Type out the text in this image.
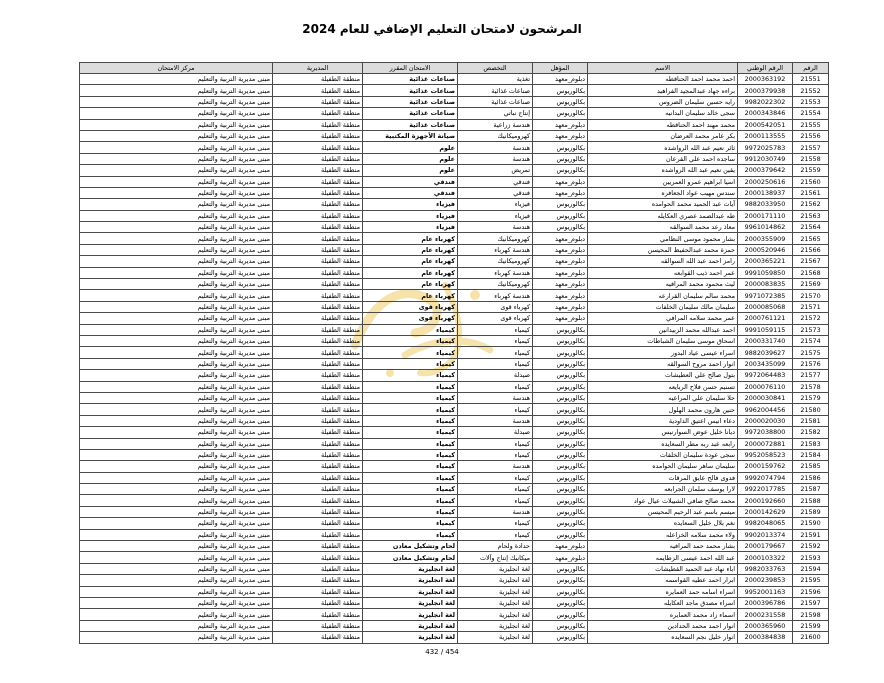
المرشحون لامتحان التعليم الإضافي للعام 2024
الرقم	الرقم الوطني	الاسم	المؤهل	التخصص	الامتحان المقرر	المديرية	مركز الامتحان
21551	2000363192	احمد محمد احمد الحناقطه	دبلوم_معهد	تغذية	صناعات غذائية	منطقة الطفيلة	مبنى مديرية التربية والتعليم
21552	2000379938	براءه جهاد عبدالمجيد الفراهيد	بكالوريوس	صناعات غذائية	صناعات غذائية	منطقة الطفيلة	مبنى مديرية التربية والتعليم
21553	9982022302	رايه حسين سليمان الضروس	بكالوريوس	صناعات غذائية	صناعات غذائية	منطقة الطفيلة	مبنى مديرية التربية والتعليم
21554	2000343846	سجى خالد سليمان البدانيه	بكالوريوس	إنتاج نباتي	صناعات غذائية	منطقة الطفيلة	مبنى مديرية التربية والتعليم
21555	2000542051	محمد مهند احمد الحناقطه	دبلوم_معهد	هندسة زراعية	صناعات غذائية	منطقة الطفيلة	مبنى مديرية التربية والتعليم
21556	2000113555	بكر عامر محمد العرضان	دبلوم_معهد	كهروميكانيك	صيانة الأجهزة المكتبية	منطقة الطفيلة	مبنى مديرية التربية والتعليم
21557	9972025783	ثائر نعيم عبد الله الرواشده	بكالوريوس	هندسة	علوم	منطقة الطفيلة	مبنى مديرية التربية والتعليم
21558	9912030749	ساجده احمد علي القرعان	بكالوريوس	هندسة	علوم	منطقة الطفيلة	مبنى مديرية التربية والتعليم
21559	2000379642	يقين نعيم عبد الله الرواشده	بكالوريوس	تمريض	علوم	منطقة الطفيلة	مبنى مديرية التربية والتعليم
21560	2000250616	اسيا ابراهيم عمرو العمريين	دبلوم_معهد	فندقي	فندقي	منطقة الطفيلة	مبنى مديرية التربية والتعليم
21561	2000138937	سندس مهيب عواد الجعافره	دبلوم_معهد	فندقي	فندقي	منطقة الطفيلة	مبنى مديرية التربية والتعليم
21562	9882033950	آيات عبد الحميد محمد الحوامده	بكالوريوس	فيزياء	فيزياء	منطقة الطفيلة	مبنى مديرية التربية والتعليم
21563	2000171110	طه عبدالصمد عصري العكايله	بكالوريوس	فيزياء	فيزياء	منطقة الطفيلة	مبنى مديرية التربية والتعليم
21564	9961014862	معاذ رعد محمد السوالقه	بكالوريوس	هندسة	فيزياء	منطقة الطفيلة	مبنى مديرية التربية والتعليم
21565	2000355909	بشار محمود موسى النظامي	دبلوم_معهد	كهروميكانيك	كهرباء عام	منطقة الطفيلة	مبنى مديرية التربية والتعليم
21566	2000520946	حمزة محمد عبدالحفيظ المحيسن	دبلوم_معهد	هندسة كهرباء	كهرباء عام	منطقة الطفيلة	مبنى مديرية التربية والتعليم
21567	2000365221	رامز احمد عبد الله السوالقه	دبلوم_معهد	كهروميكانيك	كهرباء عام	منطقة الطفيلة	مبنى مديرية التربية والتعليم
21568	9991059850	عمر احمد ذيب القوابعه	دبلوم_معهد	هندسة كهرباء	كهرباء عام	منطقة الطفيلة	مبنى مديرية التربية والتعليم
21569	2000083835	ليث محمود محمد المرافيه	دبلوم_معهد	كهروميكانيك	كهرباء عام	منطقة الطفيلة	مبنى مديرية التربية والتعليم
21570	9971072385	محمد سالم سليمان القرارعه	دبلوم_معهد	هندسة كهرباء	كهرباء عام	منطقة الطفيلة	مبنى مديرية التربية والتعليم
21571	2000085068	سليمان مالك سليمان الخلفات	دبلوم_معهد	كهرباء قوى	كهرباء قوى	منطقة الطفيلة	مبنى مديرية التربية والتعليم
21572	2000761121	عمر محمد سلامه المرافي	دبلوم_معهد	كهرباء قوى	كهرباء قوى	منطقة الطفيلة	مبنى مديرية التربية والتعليم
21573	9991059115	احمد عبدالله محمد الزبيدانين	بكالوريوس	كيمياء	كيمياء	منطقة الطفيلة	مبنى مديرية التربية والتعليم
21574	2000331740	اسحاق موسى سليمان الشباطات	بكالوريوس	كيمياء	كيمياء	منطقة الطفيلة	مبنى مديرية التربية والتعليم
21575	9882039627	اسراء عيسى عياد البدور	بكالوريوس	كيمياء	كيمياء	منطقة الطفيلة	مبنى مديرية التربية والتعليم
21576	2003435099	انوار احمد مروح السوالقه	بكالوريوس	كيمياء	كيمياء	منطقة الطفيلة	مبنى مديرية التربية والتعليم
21577	9972064483	بتول صالح علي العطيشات	بكالوريوس	صيدلة	كيمياء	منطقة الطفيلة	مبنى مديرية التربية والتعليم
21578	2000076110	تسنيم حسن فلاح الربايعه	بكالوريوس	كيمياء	كيمياء	منطقة الطفيلة	مبنى مديرية التربية والتعليم
21579	2000030841	حلا سليمان علي المراعيه	بكالوريوس	هندسة	كيمياء	منطقة الطفيلة	مبنى مديرية التربية والتعليم
21580	9962004456	حنين هارون محمد الهلول	بكالوريوس	كيمياء	كيمياء	منطقة الطفيلة	مبنى مديرية التربية والتعليم
21581	2000020030	دعاء انيس اعتيق الداودية	بكالوريوس	هندسة	كيمياء	منطقة الطفيلة	مبنى مديرية التربية والتعليم
21582	9972038800	ديانا خليل عوض السوارنيس	بكالوريوس	صيدلة	كيمياء	منطقة الطفيلة	مبنى مديرية التربية والتعليم
21583	2000072881	رابعه عبد ربه مطر السعايده	بكالوريوس	كيمياء	كيمياء	منطقة الطفيلة	مبنى مديرية التربية والتعليم
21584	9952058523	سجى عودة سليمان الخلفات	بكالوريوس	كيمياء	كيمياء	منطقة الطفيلة	مبنى مديرية التربية والتعليم
21585	2000159762	سليمان ساهر سليمان الحوامده	بكالوريوس	هندسة	كيمياء	منطقة الطفيلة	مبنى مديرية التربية والتعليم
21586	9992074794	فدوى فالح عايق المرقات	بكالوريوس	كيمياء	كيمياء	منطقة الطفيلة	مبنى مديرية التربية والتعليم
21587	9922017785	لارا يوسف سلمان الجرابعه	بكالوريوس	كيمياء	كيمياء	منطقة الطفيلة	مبنى مديرية التربية والتعليم
21588	2000192660	محمد صالح صافي الشبيلات عيال عواد	بكالوريوس	كيمياء	كيمياء	منطقة الطفيلة	مبنى مديرية التربية والتعليم
21589	2000142629	ميسم باسم عبد الرحيم المحيسن	بكالوريوس	هندسة	كيمياء	منطقة الطفيلة	مبنى مديرية التربية والتعليم
21590	9982048065	نغم بلال خليل السعايده	بكالوريوس	كيمياء	كيمياء	منطقة الطفيلة	مبنى مديرية التربية والتعليم
21591	9902013374	ولاء محمد سلامه الخزاعله	بكالوريوس	كيمياء	كيمياء	منطقة الطفيلة	مبنى مديرية التربية والتعليم
21592	2000179667	بشار محمد حمد المرافيه	دبلوم_معهد	حدادة ولحام	لحام وتشكيل معادن	منطقة الطفيلة	مبنى مديرية التربية والتعليم
21593	2000103322	عبد الله احمد عيسى الزطايمه	دبلوم_معهد	ميكانيك إنتاج وآلات	لحام وتشكيل معادن	منطقة الطفيلة	مبنى مديرية التربية والتعليم
21594	9982033763	اباء نهاد عبد الحميد القطيشات	بكالوريوس	لغة انجليزية	لغة انجليزية	منطقة الطفيلة	مبنى مديرية التربية والتعليم
21595	2000239853	ابرار احمد عطيه القواسمه	بكالوريوس	لغة انجليزية	لغة انجليزية	منطقة الطفيلة	مبنى مديرية التربية والتعليم
21596	9952001163	اسراء اسامه حمد العمايره	بكالوريوس	لغة انجليزية	لغة انجليزية	منطقة الطفيلة	مبنى مديرية التربية والتعليم
21597	2000396786	اسراء مصدق ماجد العكايله	بكالوريوس	لغة انجليزية	لغة انجليزية	منطقة الطفيلة	مبنى مديرية التربية والتعليم
21598	2000231558	اسماء زاد محمد العمايره	بكالوريوس	لغة انجليزية	لغة انجليزية	منطقة الطفيلة	مبنى مديرية التربية والتعليم
21599	2000365960	انوار احمد محمد الحدادين	بكالوريوس	لغة انجليزية	لغة انجليزية	منطقة الطفيلة	مبنى مديرية التربية والتعليم
21600	2000384838	انوار خليل نجم السعايده	بكالوريوس	لغة انجليزية	لغة انجليزية	منطقة الطفيلة	مبنى مديرية التربية والتعليم
432 / 454
